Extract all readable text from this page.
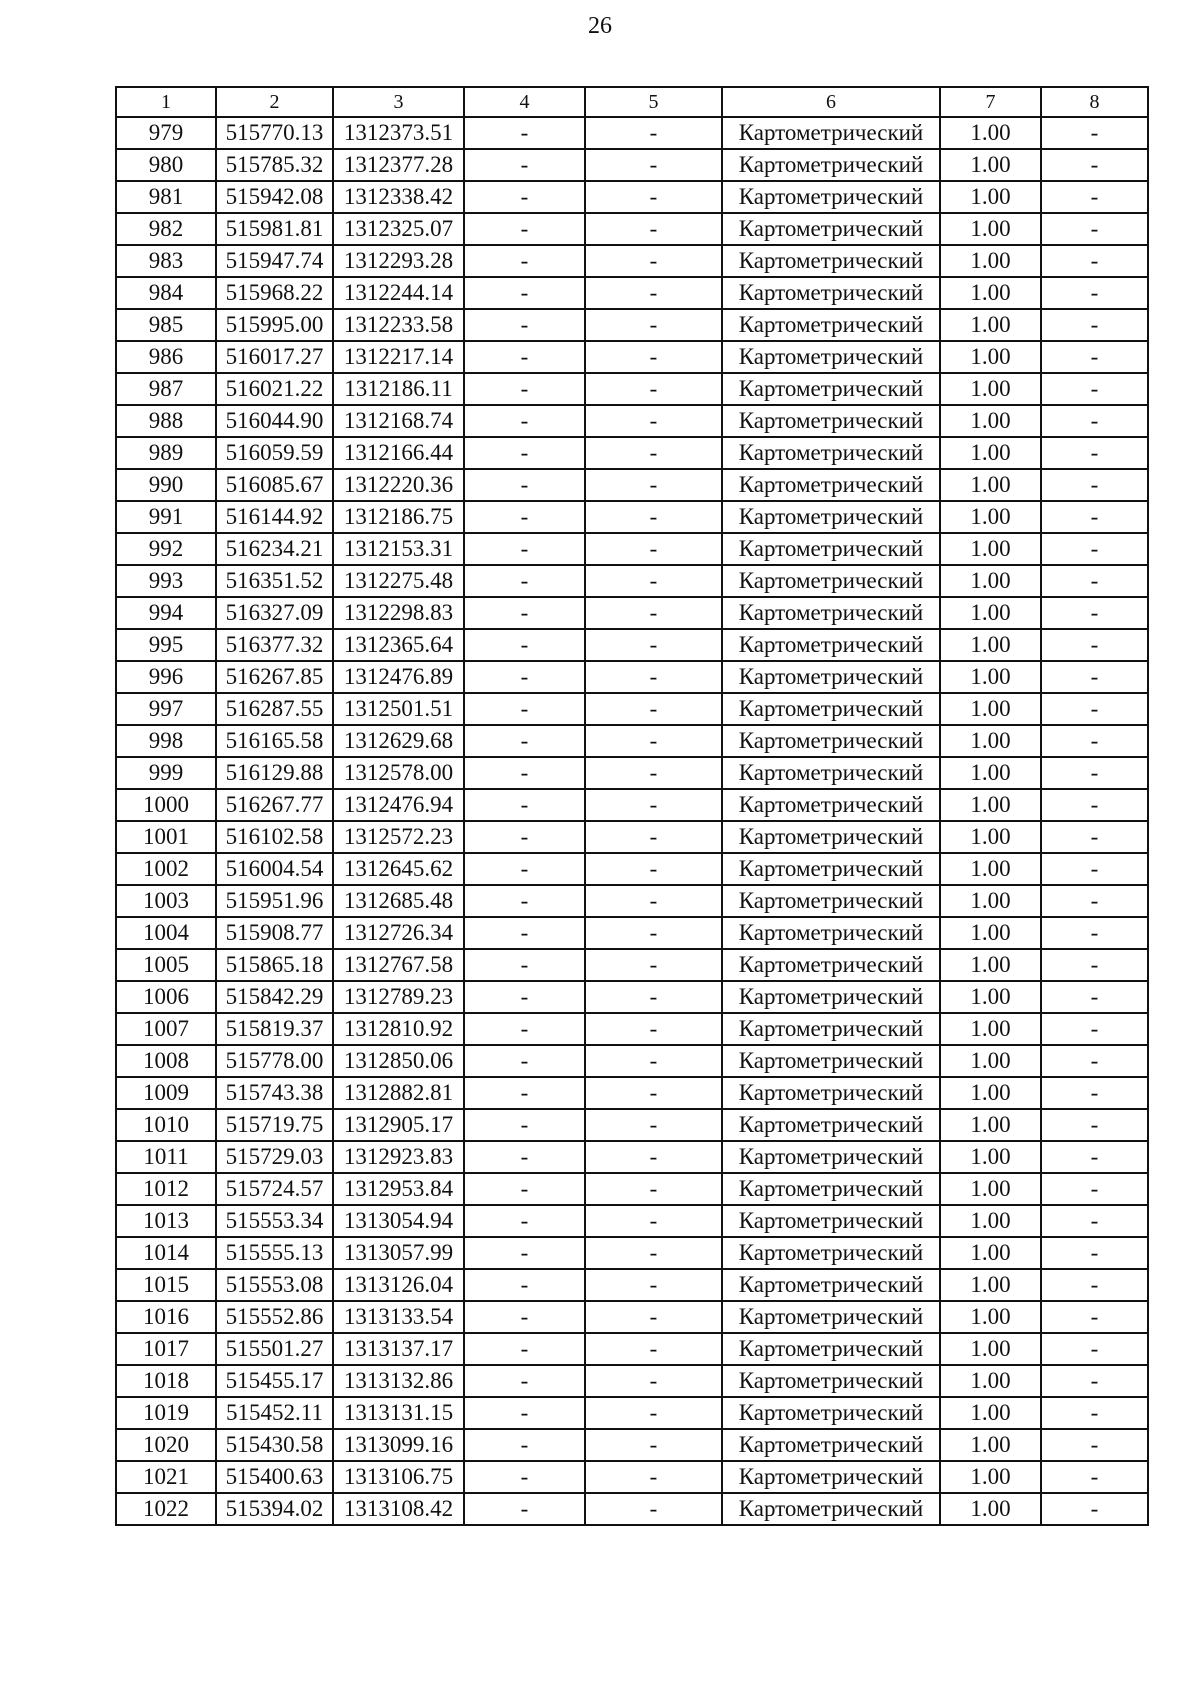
26
1	2	3	4	5	6	7	8
979	515770.13	1312373.51	-	-	Картометрический	1.00	-
980	515785.32	1312377.28	-	-	Картометрический	1.00	-
981	515942.08	1312338.42	-	-	Картометрический	1.00	-
982	515981.81	1312325.07	-	-	Картометрический	1.00	-
983	515947.74	1312293.28	-	-	Картометрический	1.00	-
984	515968.22	1312244.14	-	-	Картометрический	1.00	-
985	515995.00	1312233.58	-	-	Картометрический	1.00	-
986	516017.27	1312217.14	-	-	Картометрический	1.00	-
987	516021.22	1312186.11	-	-	Картометрический	1.00	-
988	516044.90	1312168.74	-	-	Картометрический	1.00	-
989	516059.59	1312166.44	-	-	Картометрический	1.00	-
990	516085.67	1312220.36	-	-	Картометрический	1.00	-
991	516144.92	1312186.75	-	-	Картометрический	1.00	-
992	516234.21	1312153.31	-	-	Картометрический	1.00	-
993	516351.52	1312275.48	-	-	Картометрический	1.00	-
994	516327.09	1312298.83	-	-	Картометрический	1.00	-
995	516377.32	1312365.64	-	-	Картометрический	1.00	-
996	516267.85	1312476.89	-	-	Картометрический	1.00	-
997	516287.55	1312501.51	-	-	Картометрический	1.00	-
998	516165.58	1312629.68	-	-	Картометрический	1.00	-
999	516129.88	1312578.00	-	-	Картометрический	1.00	-
1000	516267.77	1312476.94	-	-	Картометрический	1.00	-
1001	516102.58	1312572.23	-	-	Картометрический	1.00	-
1002	516004.54	1312645.62	-	-	Картометрический	1.00	-
1003	515951.96	1312685.48	-	-	Картометрический	1.00	-
1004	515908.77	1312726.34	-	-	Картометрический	1.00	-
1005	515865.18	1312767.58	-	-	Картометрический	1.00	-
1006	515842.29	1312789.23	-	-	Картометрический	1.00	-
1007	515819.37	1312810.92	-	-	Картометрический	1.00	-
1008	515778.00	1312850.06	-	-	Картометрический	1.00	-
1009	515743.38	1312882.81	-	-	Картометрический	1.00	-
1010	515719.75	1312905.17	-	-	Картометрический	1.00	-
1011	515729.03	1312923.83	-	-	Картометрический	1.00	-
1012	515724.57	1312953.84	-	-	Картометрический	1.00	-
1013	515553.34	1313054.94	-	-	Картометрический	1.00	-
1014	515555.13	1313057.99	-	-	Картометрический	1.00	-
1015	515553.08	1313126.04	-	-	Картометрический	1.00	-
1016	515552.86	1313133.54	-	-	Картометрический	1.00	-
1017	515501.27	1313137.17	-	-	Картометрический	1.00	-
1018	515455.17	1313132.86	-	-	Картометрический	1.00	-
1019	515452.11	1313131.15	-	-	Картометрический	1.00	-
1020	515430.58	1313099.16	-	-	Картометрический	1.00	-
1021	515400.63	1313106.75	-	-	Картометрический	1.00	-
1022	515394.02	1313108.42	-	-	Картометрический	1.00	-
